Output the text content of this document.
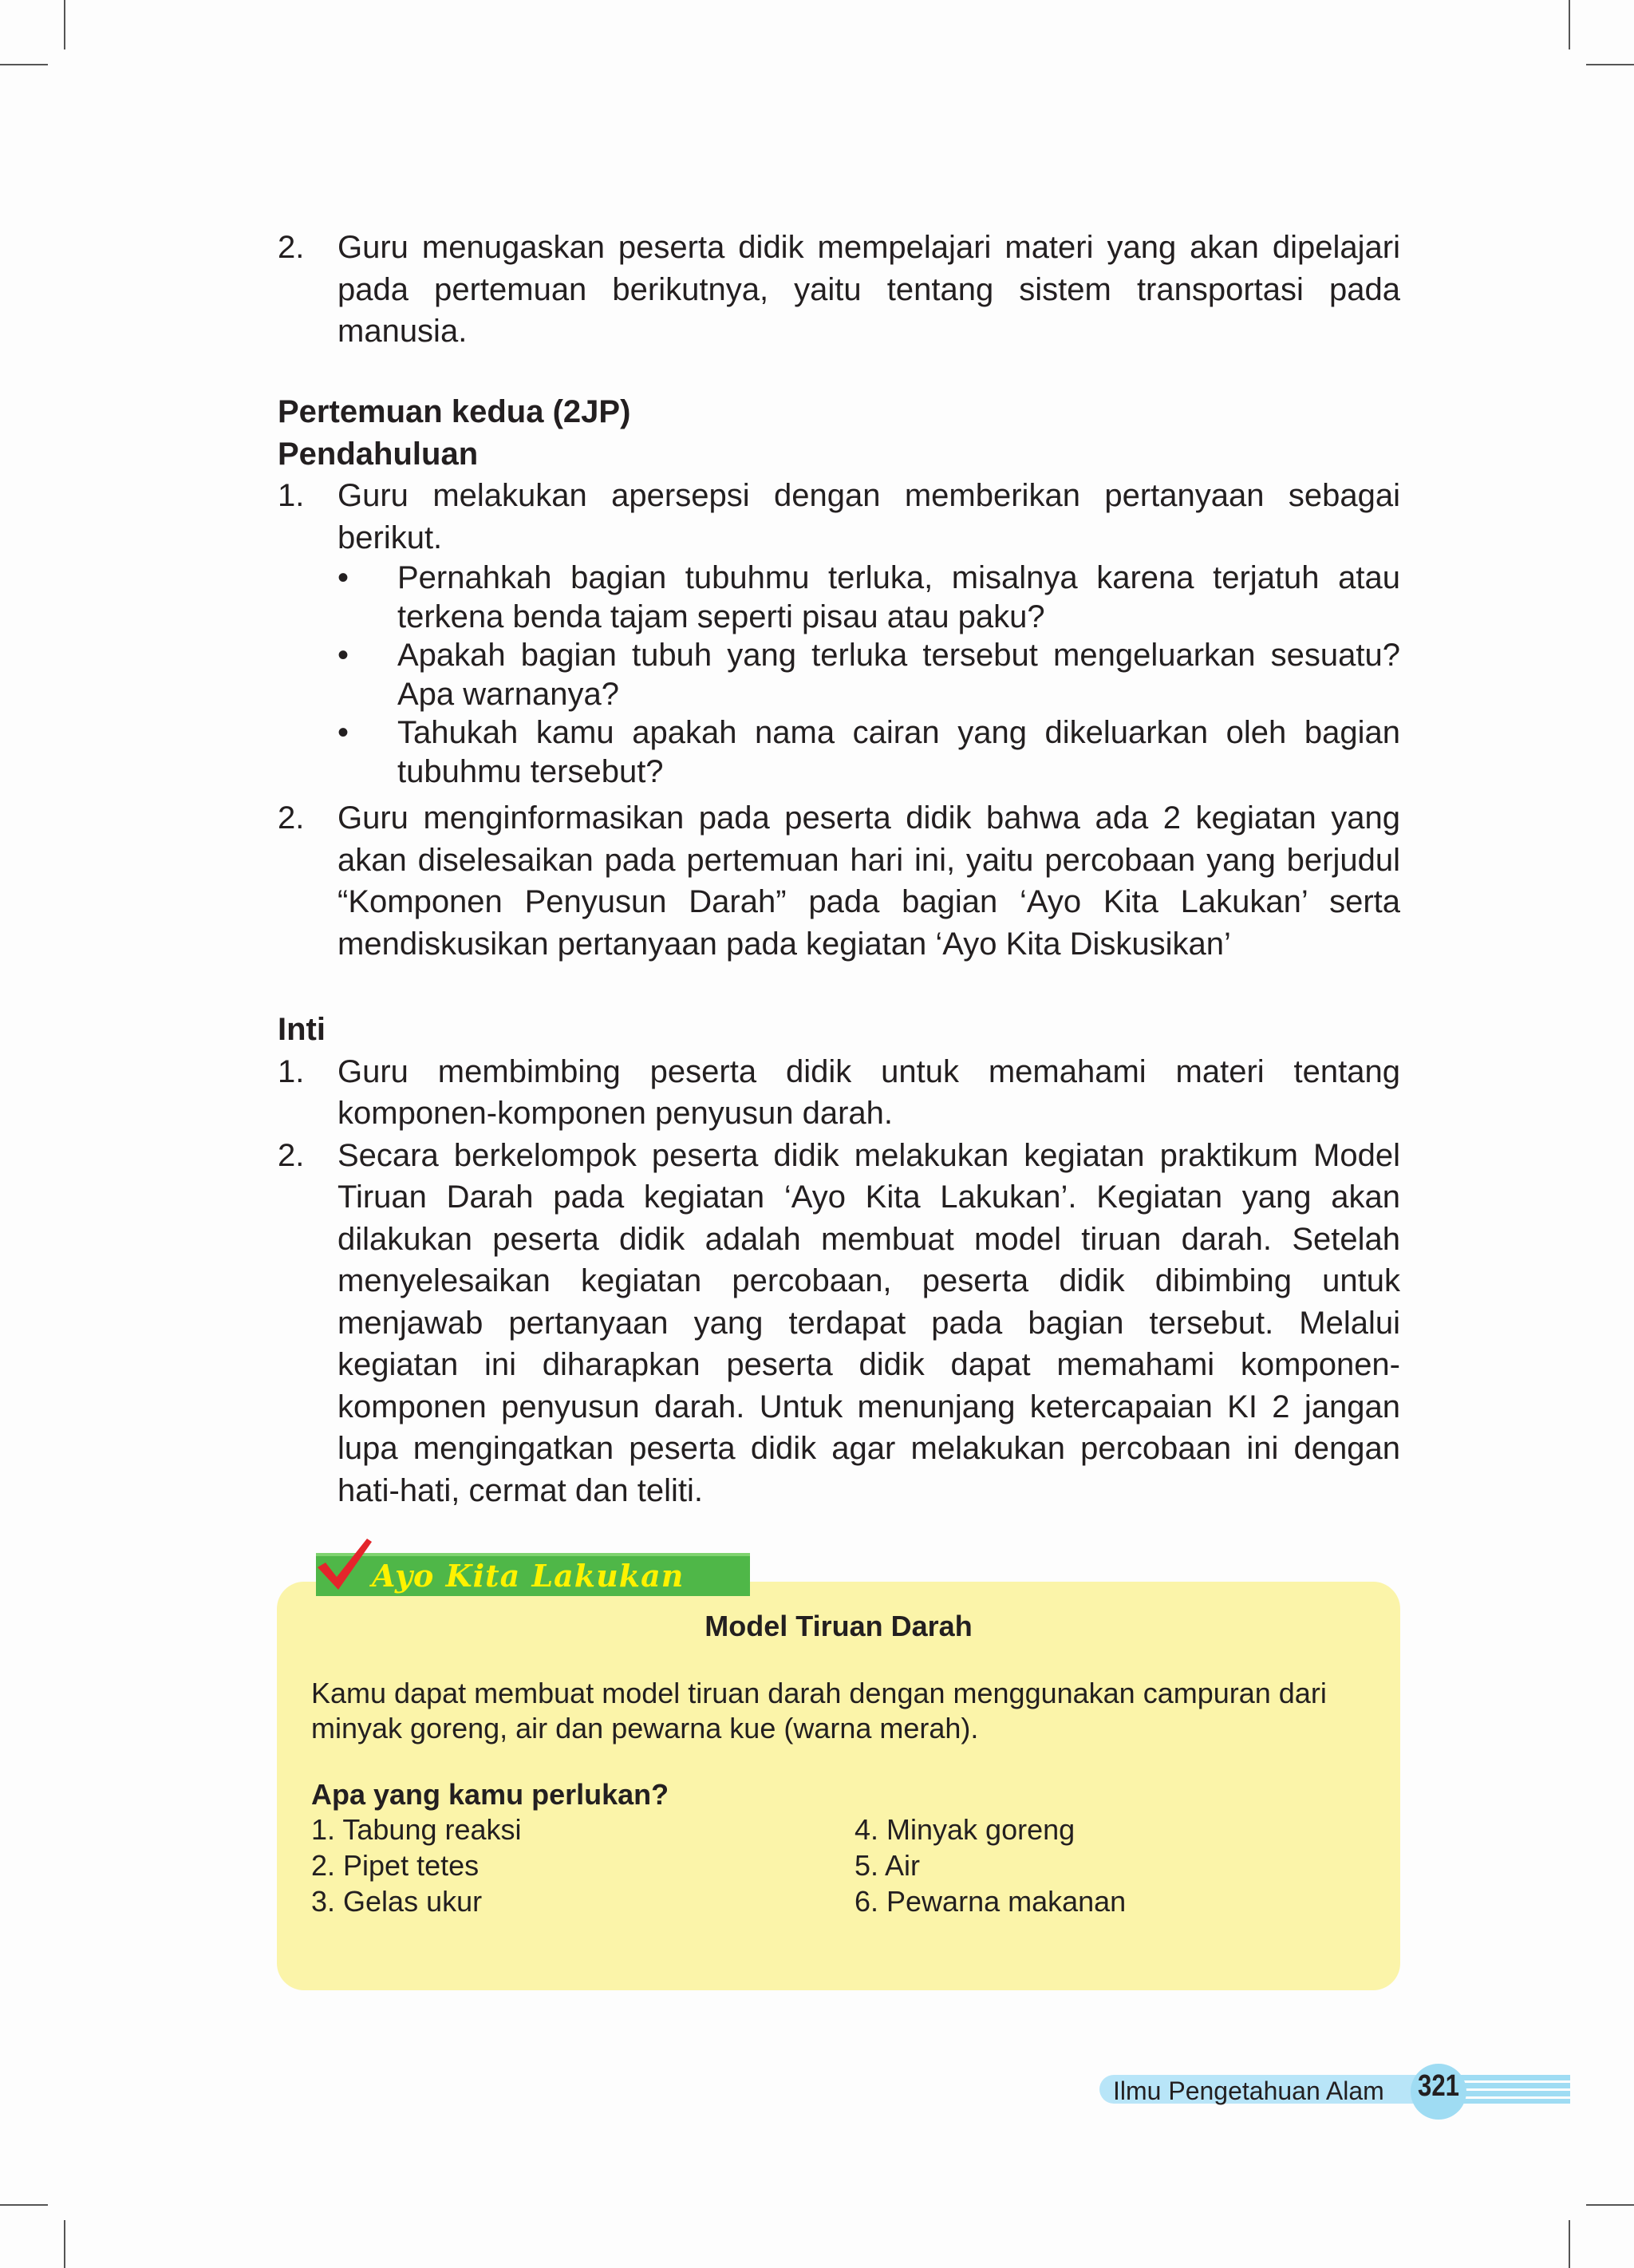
2. Guru menugaskan peserta didik mempelajari materi yang akan dipelajari pada pertemuan berikutnya, yaitu tentang sistem transportasi pada manusia.
Pertemuan kedua (2JP)
Pendahuluan
1. Guru melakukan apersepsi dengan memberikan pertanyaan sebagai berikut.
• Pernahkah bagian tubuhmu terluka, misalnya karena terjatuh atau terkena benda tajam seperti pisau atau paku?
• Apakah bagian tubuh yang terluka tersebut mengeluarkan sesuatu? Apa warnanya?
• Tahukah kamu apakah nama cairan yang dikeluarkan oleh bagian tubuhmu tersebut?
2. Guru menginformasikan pada peserta didik bahwa ada 2 kegiatan yang akan diselesaikan pada pertemuan hari ini, yaitu percobaan yang berjudul “Komponen Penyusun Darah” pada bagian ‘Ayo Kita Lakukan’ serta mendiskusikan pertanyaan pada kegiatan ‘Ayo Kita Diskusikan’
Inti
1. Guru membimbing peserta didik untuk memahami materi tentang komponen-komponen penyusun darah.
2. Secara berkelompok peserta didik melakukan kegiatan praktikum Model Tiruan Darah pada kegiatan ‘Ayo Kita Lakukan’. Kegiatan yang akan dilakukan peserta didik adalah membuat model tiruan darah. Setelah menyelesaikan kegiatan percobaan, peserta didik dibimbing untuk menjawab pertanyaan yang terdapat pada bagian tersebut. Melalui kegiatan ini diharapkan peserta didik dapat memahami komponen-komponen penyusun darah. Untuk menunjang ketercapaian KI 2 jangan lupa mengingatkan peserta didik agar melakukan percobaan ini dengan hati-hati, cermat dan teliti.
Ayo Kita Lakukan
Model Tiruan Darah
Kamu dapat membuat model tiruan darah dengan menggunakan campuran dari minyak goreng, air dan pewarna kue (warna merah).
Apa yang kamu perlukan?
1. Tabung reaksi
2. Pipet tetes
3. Gelas ukur
4. Minyak goreng
5. Air
6. Pewarna makanan
Ilmu Pengetahuan Alam 321
